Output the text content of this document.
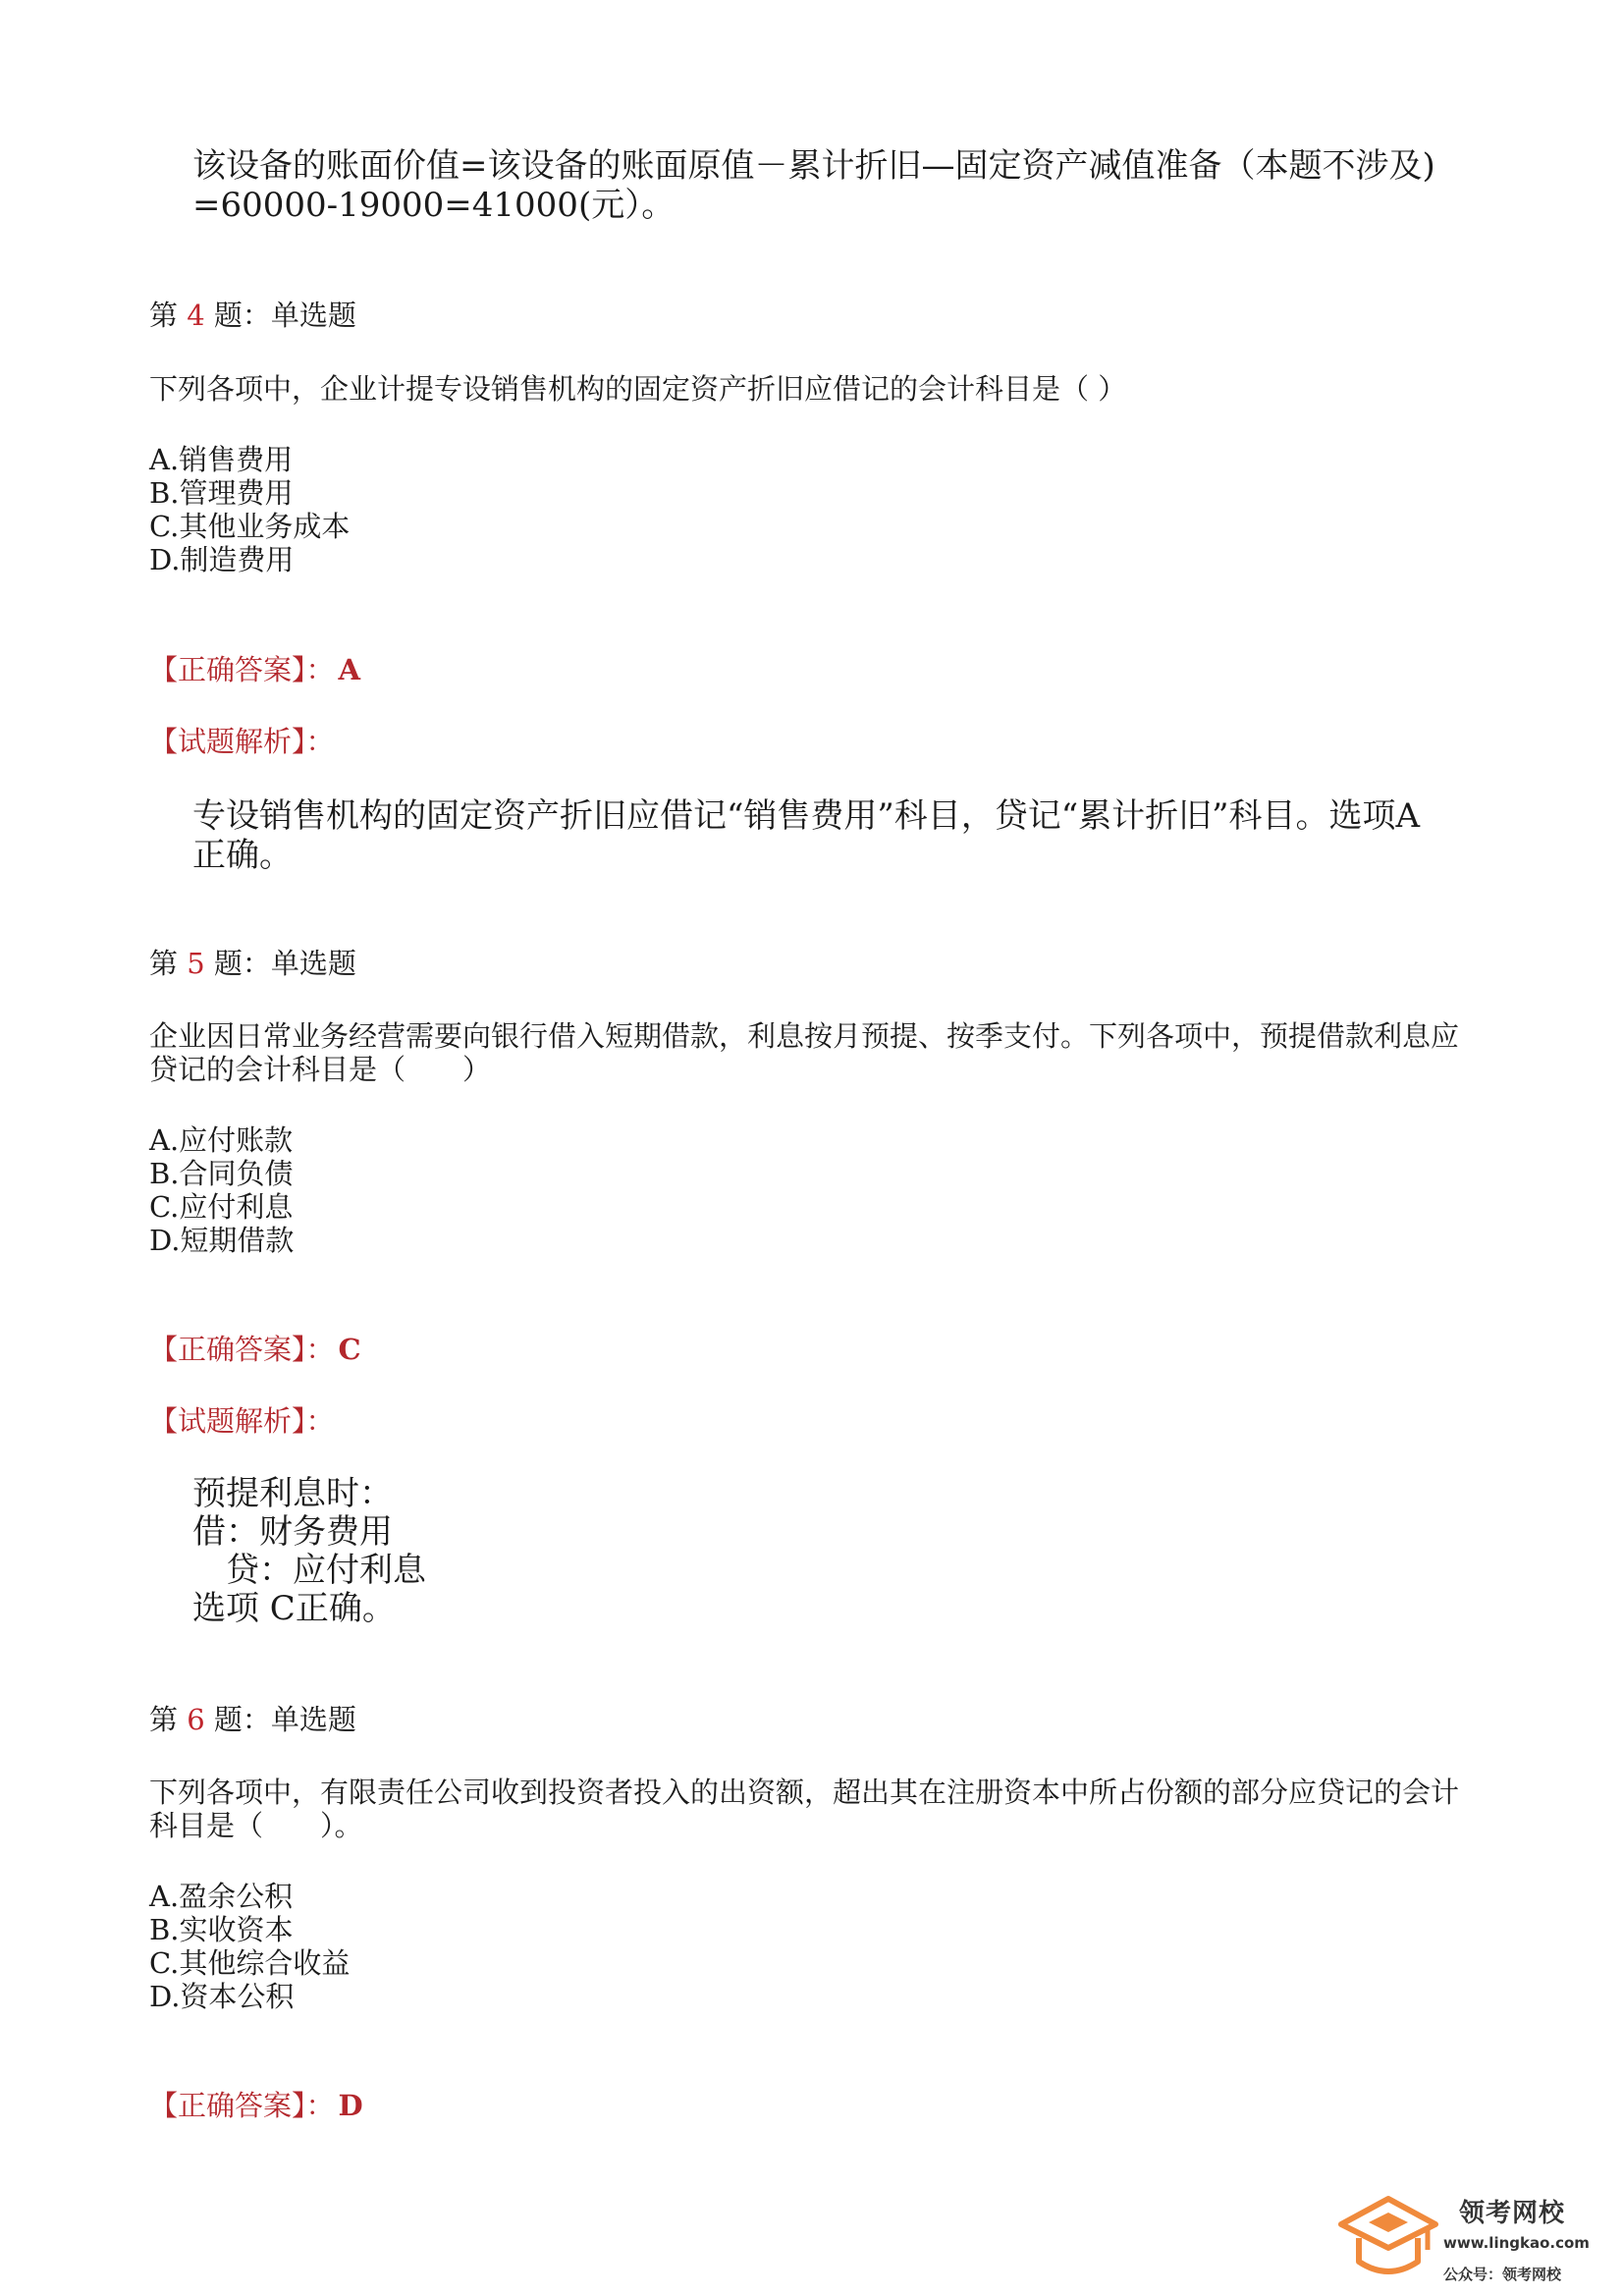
该设备的账面价值=该设备的账面原值－累计折旧—固定资产减值准备（本题不涉及)

=60000-19000=41000(元）。

第 4 题：单选题

下列各项中，企业计提专设销售机构的固定资产折旧应借记的会计科目是（ ）

A.销售费用
B.管理费用
C.其他业务成本
D.制造费用

【正确答案】： A

【试题解析】：

专设销售机构的固定资产折旧应借记“销售费用”科目，贷记“累计折旧”科目。选项A

正确。

第 5 题：单选题

企业因日常业务经营需要向银行借入短期借款，利息按月预提、按季支付。下列各项中，预提借款利息应

贷记的会计科目是（　　）

A.应付账款
B.合同负债
C.应付利息
D.短期借款

【正确答案】： C

【试题解析】：

预提利息时：

借：财务费用

　贷：应付利息

选项 C正确。

第 6 题：单选题

下列各项中，有限责任公司收到投资者投入的出资额，超出其在注册资本中所占份额的部分应贷记的会计

科目是（　　）。

A.盈余公积
B.实收资本
C.其他综合收益
D.资本公积

【正确答案】： D

领考网校
www.lingkao.com
公众号：领考网校
